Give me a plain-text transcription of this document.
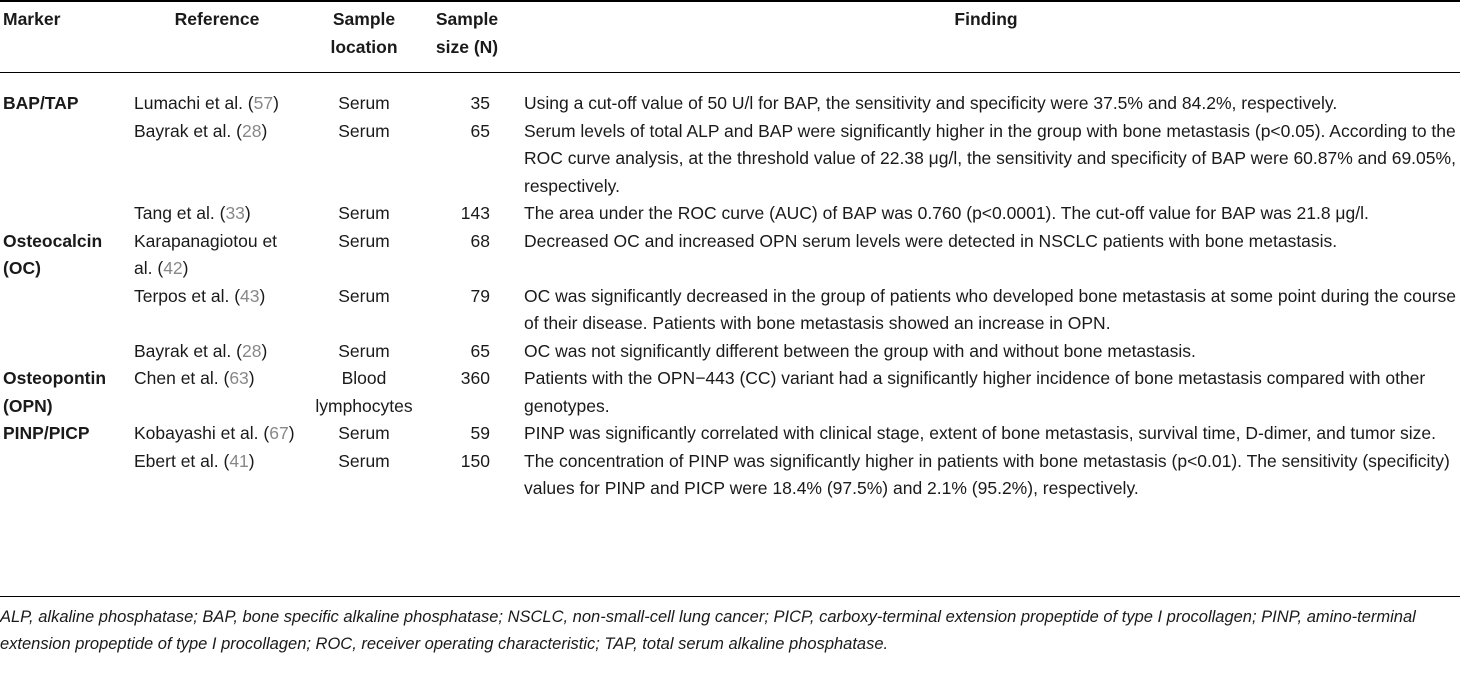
Marker	Reference	Sample location	Sample size (N)	Finding

BAP/TAP	Lumachi et al. (57)	Serum	35	Using a cut-off value of 50 U/l for BAP, the sensitivity and specificity were 37.5% and 84.2%, respectively.
	Bayrak et al. (28)	Serum	65	Serum levels of total ALP and BAP were significantly higher in the group with bone metastasis (p<0.05). According to the ROC curve analysis, at the threshold value of 22.38 μg/l, the sensitivity and specificity of BAP were 60.87% and 69.05%, respectively.
	Tang et al. (33)	Serum	143	The area under the ROC curve (AUC) of BAP was 0.760 (p<0.0001). The cut-off value for BAP was 21.8 μg/l.
Osteocalcin (OC)	Karapanagiotou et al. (42)	Serum	68	Decreased OC and increased OPN serum levels were detected in NSCLC patients with bone metastasis.
	Terpos et al. (43)	Serum	79	OC was significantly decreased in the group of patients who developed bone metastasis at some point during the course of their disease. Patients with bone metastasis showed an increase in OPN.
	Bayrak et al. (28)	Serum	65	OC was not significantly different between the group with and without bone metastasis.
Osteopontin (OPN)	Chen et al. (63)	Blood lymphocytes	360	Patients with the OPN−443 (CC) variant had a significantly higher incidence of bone metastasis compared with other genotypes.
PINP/PICP	Kobayashi et al. (67)	Serum	59	PINP was significantly correlated with clinical stage, extent of bone metastasis, survival time, D-dimer, and tumor size.
	Ebert et al. (41)	Serum	150	The concentration of PINP was significantly higher in patients with bone metastasis (p<0.01). The sensitivity (specificity) values for PINP and PICP were 18.4% (97.5%) and 2.1% (95.2%), respectively.
ALP, alkaline phosphatase; BAP, bone specific alkaline phosphatase; NSCLC, non-small-cell lung cancer; PICP, carboxy-terminal extension propeptide of type I procollagen; PINP, amino-terminal extension propeptide of type I procollagen; ROC, receiver operating characteristic; TAP, total serum alkaline phosphatase.
